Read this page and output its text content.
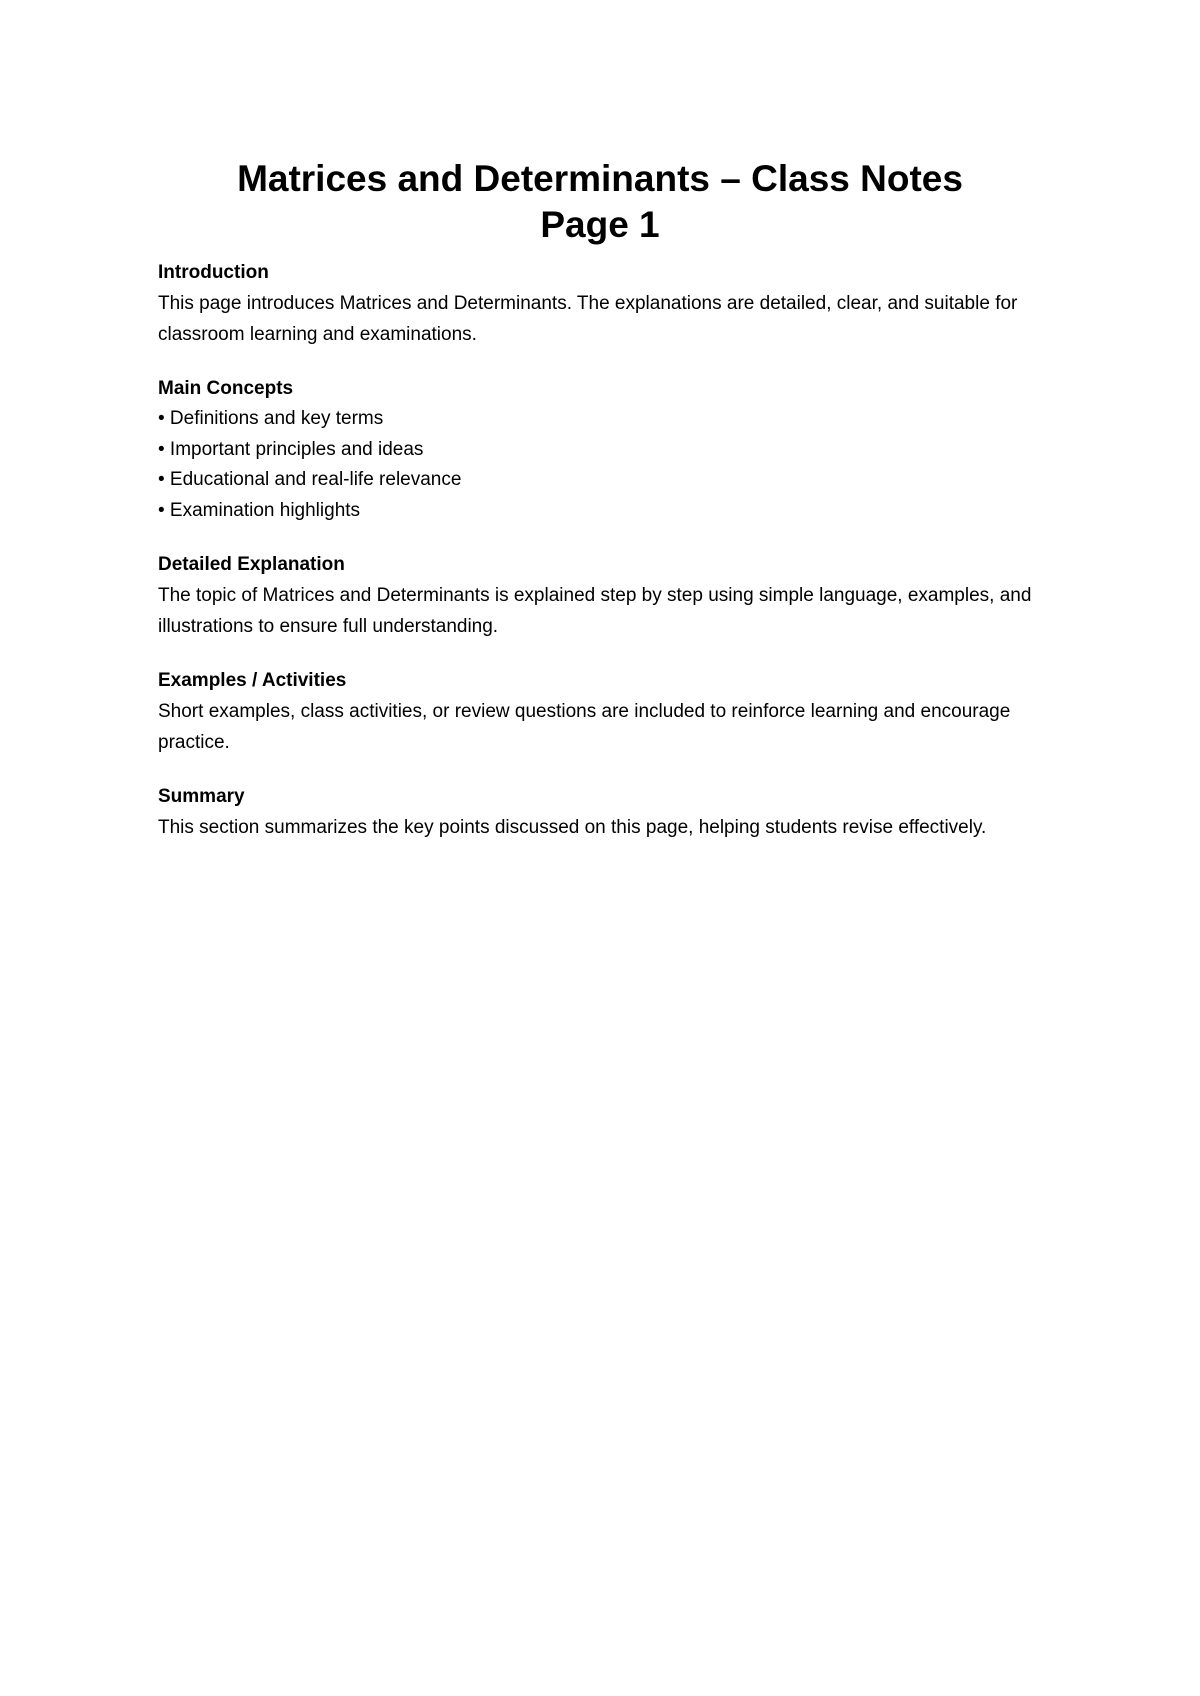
Matrices and Determinants – Class Notes

Page 1

Introduction

This page introduces Matrices and Determinants. The explanations are detailed, clear, and suitable for classroom learning and examinations.

Main Concepts

• Definitions and key terms
• Important principles and ideas
• Educational and real-life relevance
• Examination highlights

Detailed Explanation

The topic of Matrices and Determinants is explained step by step using simple language, examples, and illustrations to ensure full understanding.

Examples / Activities

Short examples, class activities, or review questions are included to reinforce learning and encourage practice.

Summary

This section summarizes the key points discussed on this page, helping students revise effectively.
